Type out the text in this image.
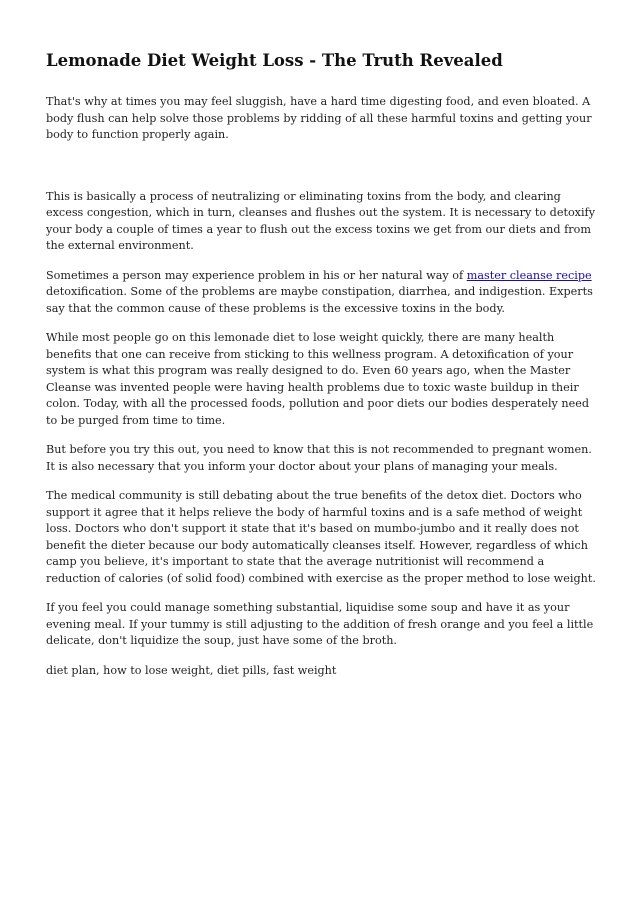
Lemonade Diet Weight Loss - The Truth Revealed

That's why at times you may feel sluggish, have a hard time digesting food, and even bloated. A body flush can help solve those problems by ridding of all these harmful toxins and getting your body to function properly again.

This is basically a process of neutralizing or eliminating toxins from the body, and clearing excess congestion, which in turn, cleanses and flushes out the system. It is necessary to detoxify your body a couple of times a year to flush out the excess toxins we get from our diets and from the external environment.

Sometimes a person may experience problem in his or her natural way of master cleanse recipe detoxification. Some of the problems are maybe constipation, diarrhea, and indigestion. Experts say that the common cause of these problems is the excessive toxins in the body.

While most people go on this lemonade diet to lose weight quickly, there are many health benefits that one can receive from sticking to this wellness program. A detoxification of your system is what this program was really designed to do. Even 60 years ago, when the Master Cleanse was invented people were having health problems due to toxic waste buildup in their colon. Today, with all the processed foods, pollution and poor diets our bodies desperately need to be purged from time to time.

But before you try this out, you need to know that this is not recommended to pregnant women. It is also necessary that you inform your doctor about your plans of managing your meals.

The medical community is still debating about the true benefits of the detox diet. Doctors who support it agree that it helps relieve the body of harmful toxins and is a safe method of weight loss. Doctors who don't support it state that it's based on mumbo-jumbo and it really does not benefit the dieter because our body automatically cleanses itself. However, regardless of which camp you believe, it's important to state that the average nutritionist will recommend a reduction of calories (of solid food) combined with exercise as the proper method to lose weight.

If you feel you could manage something substantial, liquidise some soup and have it as your evening meal. If your tummy is still adjusting to the addition of fresh orange and you feel a little delicate, don't liquidize the soup, just have some of the broth.

diet plan, how to lose weight, diet pills, fast weight
